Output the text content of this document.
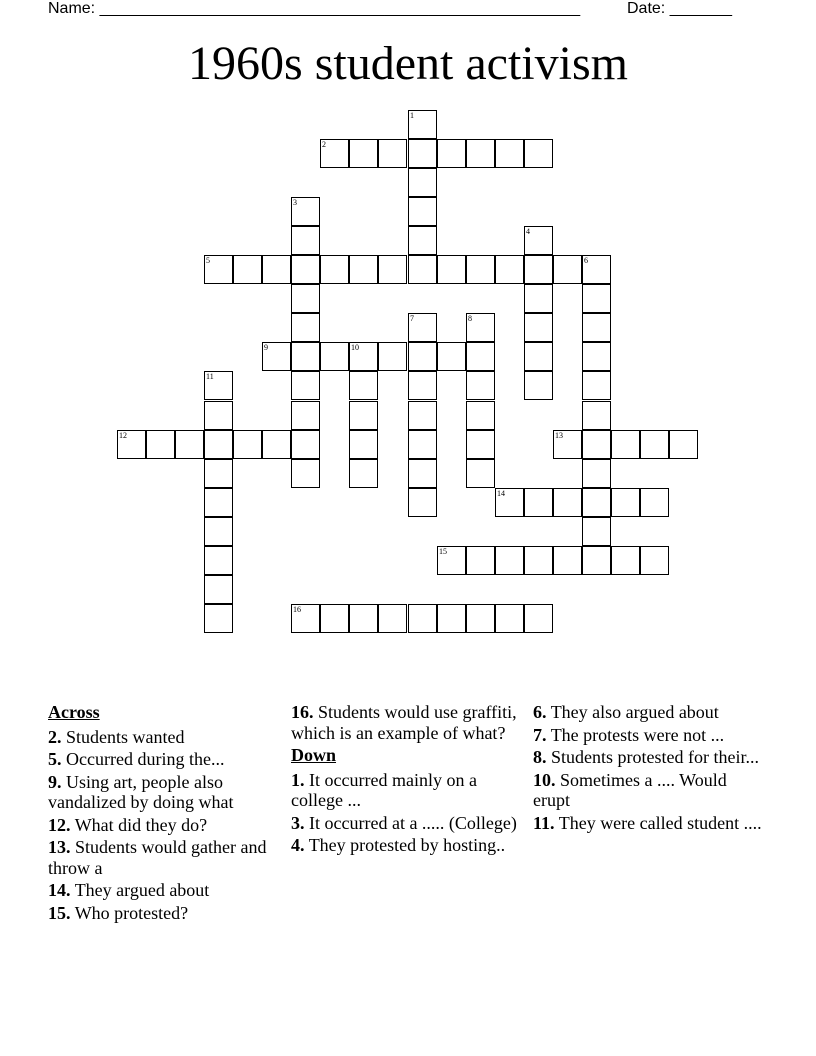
Name: ______________________________________________________	Date: _______
1960s student activism
1
2
3
4
5	6
7	8
9	10
11
12	13
14
15
16
Across
2. Students wanted
5. Occurred during the...
9. Using art, people also vandalized by doing what
12. What did they do?
13. Students would gather and throw a
14. They argued about
15. Who protested?
16. Students would use graffiti, which is an example of what?
Down
1. It occurred mainly on a college ...
3. It occurred at a ..... (College)
4. They protested by hosting..
6. They also argued about
7. The protests were not ...
8. Students protested for their...
10. Sometimes a .... Would erupt
11. They were called student ....
